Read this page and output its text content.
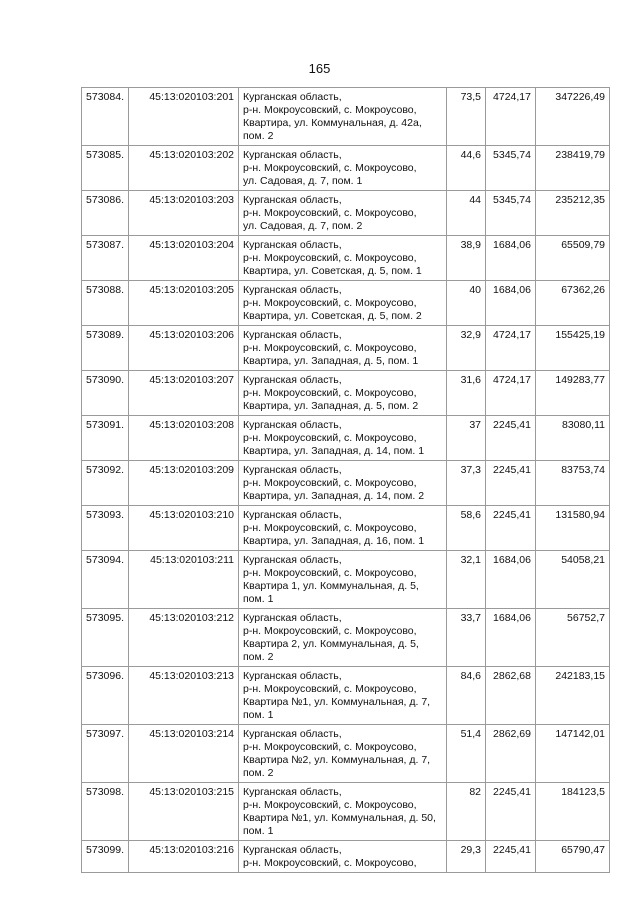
165
573084.	45:13:020103:201	Курганская область,
р-н. Мокроусовский, с. Мокроусово,
Квартира, ул. Коммунальная, д. 42а,
пом. 2	73,5	4724,17	347226,49
573085.	45:13:020103:202	Курганская область,
р-н. Мокроусовский, с. Мокроусово,
ул. Садовая, д. 7, пом. 1	44,6	5345,74	238419,79
573086.	45:13:020103:203	Курганская область,
р-н. Мокроусовский, с. Мокроусово,
ул. Садовая, д. 7, пом. 2	44	5345,74	235212,35
573087.	45:13:020103:204	Курганская область,
р-н. Мокроусовский, с. Мокроусово,
Квартира, ул. Советская, д. 5, пом. 1	38,9	1684,06	65509,79
573088.	45:13:020103:205	Курганская область,
р-н. Мокроусовский, с. Мокроусово,
Квартира, ул. Советская, д. 5, пом. 2	40	1684,06	67362,26
573089.	45:13:020103:206	Курганская область,
р-н. Мокроусовский, с. Мокроусово,
Квартира, ул. Западная, д. 5, пом. 1	32,9	4724,17	155425,19
573090.	45:13:020103:207	Курганская область,
р-н. Мокроусовский, с. Мокроусово,
Квартира, ул. Западная, д. 5, пом. 2	31,6	4724,17	149283,77
573091.	45:13:020103:208	Курганская область,
р-н. Мокроусовский, с. Мокроусово,
Квартира, ул. Западная, д. 14, пом. 1	37	2245,41	83080,11
573092.	45:13:020103:209	Курганская область,
р-н. Мокроусовский, с. Мокроусово,
Квартира, ул. Западная, д. 14, пом. 2	37,3	2245,41	83753,74
573093.	45:13:020103:210	Курганская область,
р-н. Мокроусовский, с. Мокроусово,
Квартира, ул. Западная, д. 16, пом. 1	58,6	2245,41	131580,94
573094.	45:13:020103:211	Курганская область,
р-н. Мокроусовский, с. Мокроусово,
Квартира 1, ул. Коммунальная, д. 5,
пом. 1	32,1	1684,06	54058,21
573095.	45:13:020103:212	Курганская область,
р-н. Мокроусовский, с. Мокроусово,
Квартира 2, ул. Коммунальная, д. 5,
пом. 2	33,7	1684,06	56752,7
573096.	45:13:020103:213	Курганская область,
р-н. Мокроусовский, с. Мокроусово,
Квартира №1, ул. Коммунальная, д. 7,
пом. 1	84,6	2862,68	242183,15
573097.	45:13:020103:214	Курганская область,
р-н. Мокроусовский, с. Мокроусово,
Квартира №2, ул. Коммунальная, д. 7,
пом. 2	51,4	2862,69	147142,01
573098.	45:13:020103:215	Курганская область,
р-н. Мокроусовский, с. Мокроусово,
Квартира №1, ул. Коммунальная, д. 50,
пом. 1	82	2245,41	184123,5
573099.	45:13:020103:216	Курганская область,
р-н. Мокроусовский, с. Мокроусово,	29,3	2245,41	65790,47
